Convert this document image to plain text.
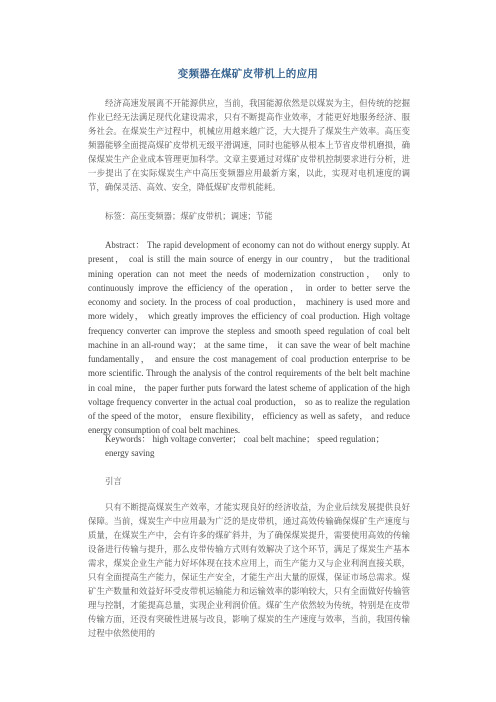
变频器在煤矿皮带机上的应用

经济高速发展离不开能源供应，当前，我国能源依然是以煤炭为主，但传统的挖掘作业已经无法满足现代化建设需求，只有不断提高作业效率，才能更好地服务经济、服务社会。在煤炭生产过程中，机械应用越来越广泛，大大提升了煤炭生产效率。高压变频器能够全面提高煤矿皮带机无级平滑调速，同时也能够从根本上节省皮带机磨损，确保煤炭生产企业成本管理更加科学。文章主要通过对煤矿皮带机控制要求进行分析，进一步提出了在实际煤炭生产中高压变频器应用最新方案，以此，实现对电机速度的调节，确保灵活、高效、安全，降低煤矿皮带机能耗。

标签：高压变频器；煤矿皮带机；调速；节能

Abstract： The rapid development of economy can not do without energy supply. At present， coal is still the main source of energy in our country， but the traditional mining operation can not meet the needs of modernization construction， only to continuously improve the efficiency of the operation， in order to better serve the economy and society. In the process of coal production， machinery is used more and more widely， which greatly improves the efficiency of coal production. High voltage frequency converter can improve the stepless and smooth speed regulation of coal belt machine in an all-round way； at the same time， it can save the wear of belt machine fundamentally， and ensure the cost management of coal production enterprise to be more scientific. Through the analysis of the control requirements of the belt belt machine in coal mine， the paper further puts forward the latest scheme of application of the high voltage frequency converter in the actual coal production， so as to realize the regulation of the speed of the motor， ensure flexibility， efficiency as well as safety， and reduce energy consumption of coal belt machines.

Keywords： high voltage converter； coal belt machine； speed regulation； energy saving

引言

只有不断提高煤炭生产效率，才能实现良好的经济收益，为企业后续发展提供良好保障。当前，煤炭生产中应用最为广泛的是皮带机，通过高效传输确保煤矿生产速度与质量，在煤炭生产中，会有许多的煤矿斜井，为了确保煤炭提升，需要使用高效的传输设备进行传输与提升，那么皮带传输方式则有效解决了这个环节，满足了煤炭生产基本需求，煤炭企业生产能力好坏体现在技术应用上，而生产能力又与企业利润直接关联，只有全面提高生产能力，保证生产安全，才能生产出大量的原煤，保证市场总需求。煤矿生产数量和效益好坏受皮带机运输能力和运输效率的影响较大，只有全面做好传输管理与控制，才能提高总量，实现企业利润价值。煤矿生产依然较为传统，特别是在皮带传输方面，还没有突破性进展与改良，影响了煤炭的生产速度与效率，当前，我国传输过程中依然使用的
